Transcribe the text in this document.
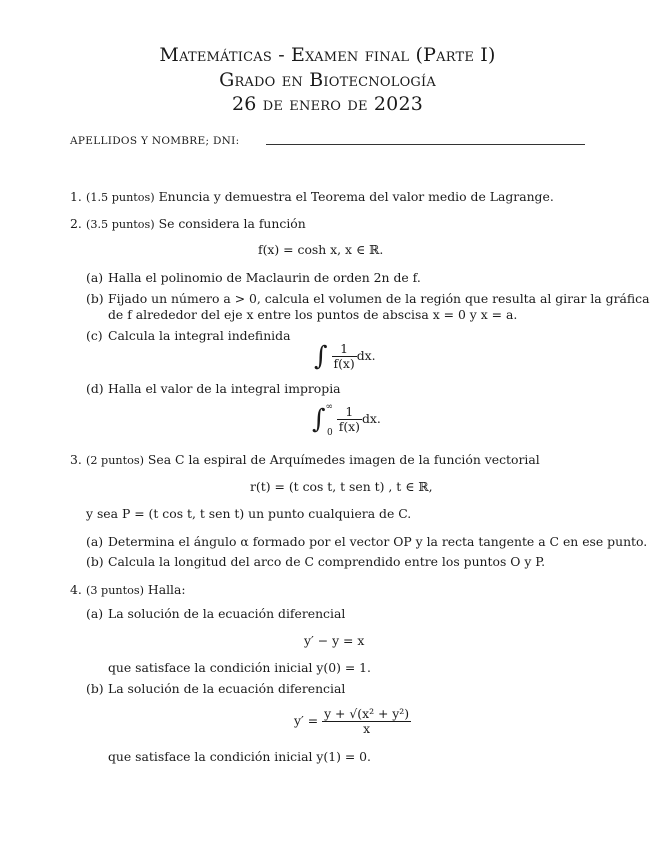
Matemáticas - Examen final (Parte I)
Grado en Biotecnología
26 de enero de 2023
APELLIDOS Y NOMBRE; DNI:
1. (1.5 puntos) Enuncia y demuestra el Teorema del valor medio de Lagrange.
2. (3.5 puntos) Se considera la función
f(x) = cosh x, x ∈ ℝ.
(a) Halla el polinomio de Maclaurin de orden 2n de f.
(b) Fijado un número a > 0, calcula el volumen de la región que resulta al girar la gráfica
de f alrededor del eje x entre los puntos de abscisa x = 0 y x = a.
(c) Calcula la integral indefinida
∫ $\frac{1}{f(x)}$ dx.
(d) Halla el valor de la integral impropia
$\int^\infty_0 \frac{1}{f(x)}$ dx.
3. (2 puntos) Sea C la espiral de Arquímedes imagen de la función vectorial
r(t) = (t cos t, t sen t) , t ∈ ℝ,
y sea P = (t cos t, t sen t) un punto cualquiera de C.
(a) Determina el ángulo α formado por el vector OP y la recta tangente a C en ese punto.
(b) Calcula la longitud del arco de C comprendido entre los puntos O y P.
4. (3 puntos) Halla:
(a) La solución de la ecuación diferencial
y′ − y = x
que satisface la condición inicial y(0) = 1.
(b) La solución de la ecuación diferencial
$y' = \frac{\text{y + √(x² + y²)}}{x}$
que satisface la condición inicial y(1) = 0.
